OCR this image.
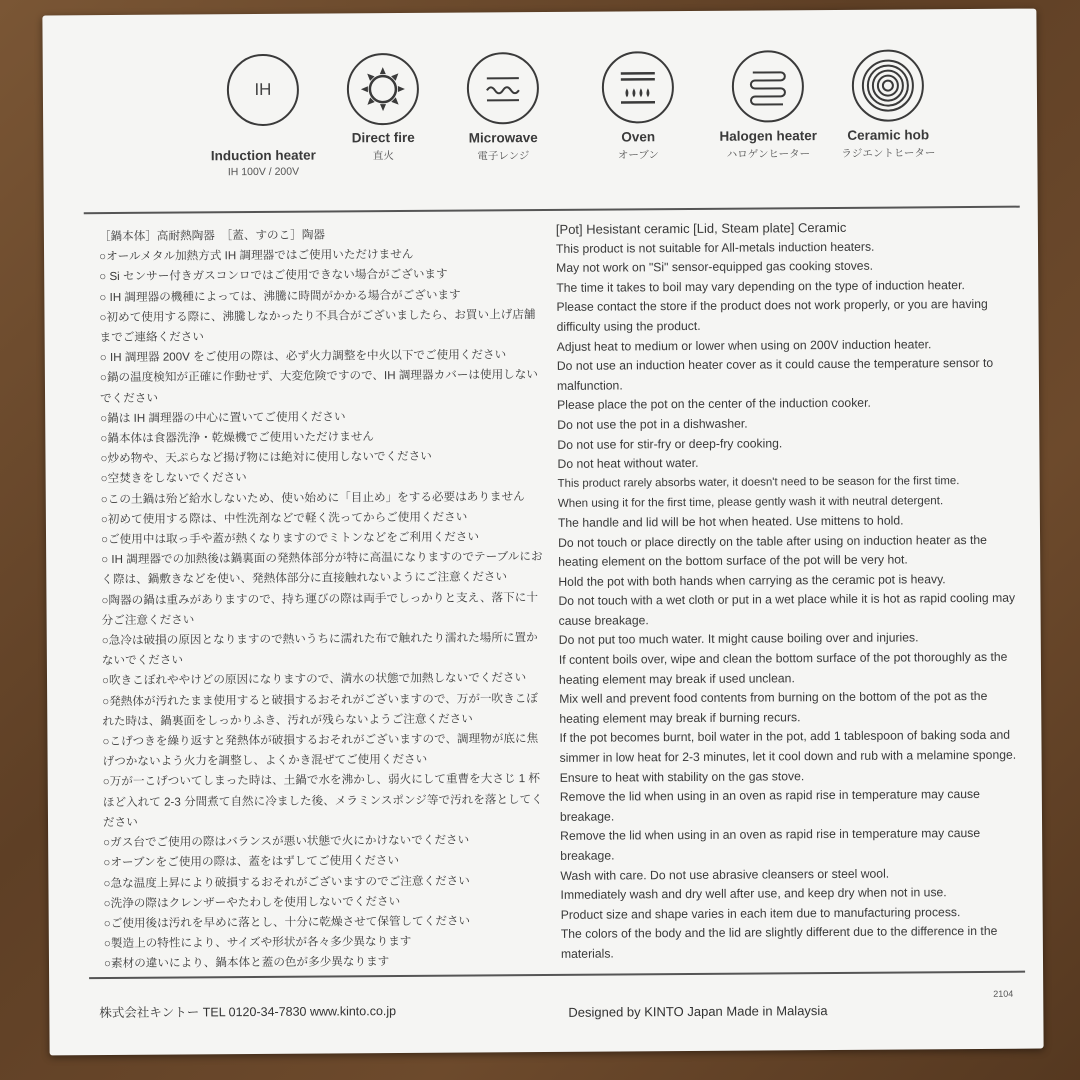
IH
Induction heater
IH 100V / 200V
Direct fire
直火
Microwave
電子レンジ
Oven
オーブン
Halogen heater
ハロゲンヒーター
Ceramic hob
ラジエントヒーター

［鍋本体］高耐熱陶器　［蓋、すのこ］陶器

○オールメタル加熱方式 IH 調理器ではご使用いただけません

○ Si センサー付きガスコンロではご使用できない場合がございます

○ IH 調理器の機種によっては、沸騰に時間がかかる場合がございます

○初めて使用する際に、沸騰しなかったり不具合がございましたら、お買い上げ店舗までご連絡ください

○ IH 調理器 200V をご使用の際は、必ず火力調整を中火以下でご使用ください

○鍋の温度検知が正確に作動せず、大変危険ですので、IH 調理器カバーは使用しないでください

○鍋は IH 調理器の中心に置いてご使用ください

○鍋本体は食器洗浄・乾燥機でご使用いただけません

○炒め物や、天ぷらなど揚げ物には絶対に使用しないでください

○空焚きをしないでください

○この土鍋は殆ど給水しないため、使い始めに「目止め」をする必要はありません

○初めて使用する際は、中性洗剤などで軽く洗ってからご使用ください

○ご使用中は取っ手や蓋が熱くなりますのでミトンなどをご利用ください

○ IH 調理器での加熱後は鍋裏面の発熱体部分が特に高温になりますのでテーブルにおく際は、鍋敷きなどを使い、発熱体部分に直接触れないようにご注意ください

○陶器の鍋は重みがありますので、持ち運びの際は両手でしっかりと支え、落下に十分ご注意ください

○急冷は破損の原因となりますので熱いうちに濡れた布で触れたり濡れた場所に置かないでください

○吹きこぼれややけどの原因になりますので、満水の状態で加熱しないでください

○発熱体が汚れたまま使用すると破損するおそれがございますので、万が一吹きこぼれた時は、鍋裏面をしっかりふき、汚れが残らないようご注意ください

○こげつきを繰り返すと発熱体が破損するおそれがございますので、調理物が底に焦げつかないよう火力を調整し、よくかき混ぜてご使用ください

○万が一こげついてしまった時は、土鍋で水を沸かし、弱火にして重曹を大さじ 1 杯ほど入れて 2-3 分間煮て自然に冷ました後、メラミンスポンジ等で汚れを落としてください

○ガス台でご使用の際はバランスが悪い状態で火にかけないでください

○オーブンをご使用の際は、蓋をはずしてご使用ください

○急な温度上昇により破損するおそれがございますのでご注意ください

○洗浄の際はクレンザーやたわしを使用しないでください

○ご使用後は汚れを早めに落とし、十分に乾燥させて保管してください

○製造上の特性により、サイズや形状が各々多少異なります

○素材の違いにより、鍋本体と蓋の色が多少異なります

[Pot] Hesistant ceramic [Lid, Steam plate] Ceramic

This product is not suitable for All-metals induction heaters.

May not work on "Si" sensor-equipped gas cooking stoves.

The time it takes to boil may vary depending on the type of induction heater.

Please contact the store if the product does not work properly, or you are having difficulty using the product.

Adjust heat to medium or lower when using on 200V induction heater.

Do not use an induction heater cover as it could cause the temperature sensor to malfunction.

Please place the pot on the center of the induction cooker.

Do not use the pot in a dishwasher.

Do not use for stir-fry or deep-fry cooking.

Do not heat without water.

This product rarely absorbs water, it doesn't need to be season for the first time.

When using it for the first time, please gently wash it with neutral detergent.

The handle and lid will be hot when heated. Use mittens to hold.

Do not touch or place directly on the table after using on induction heater as the heating element on the bottom surface of the pot will be very hot.

Hold the pot with both hands when carrying as the ceramic pot is heavy.

Do not touch with a wet cloth or put in a wet place while it is hot as rapid cooling may cause breakage.

Do not put too much water. It might cause boiling over and injuries.

If content boils over, wipe and clean the bottom surface of the pot thoroughly as the heating element may break if used unclean.

Mix well and prevent food contents from burning on the bottom of the pot as the heating element may break if burning recurs.

If the pot becomes burnt, boil water in the pot, add 1 tablespoon of baking soda and simmer in low heat for 2-3 minutes, let it cool down and rub with a melamine sponge.

Ensure to heat with stability on the gas stove.

Remove the lid when using in an oven as rapid rise in temperature may cause breakage.

Remove the lid when using in an oven as rapid rise in temperature may cause breakage.

Wash with care. Do not use abrasive cleansers or steel wool.

Immediately wash and dry well after use, and keep dry when not in use.

Product size and shape varies in each item due to manufacturing process.

The colors of the body and the lid are slightly different due to the difference in the materials.

株式会社キントー TEL 0120-34-7830 www.kinto.co.jp	Designed by KINTO Japan Made in Malaysia
2104
